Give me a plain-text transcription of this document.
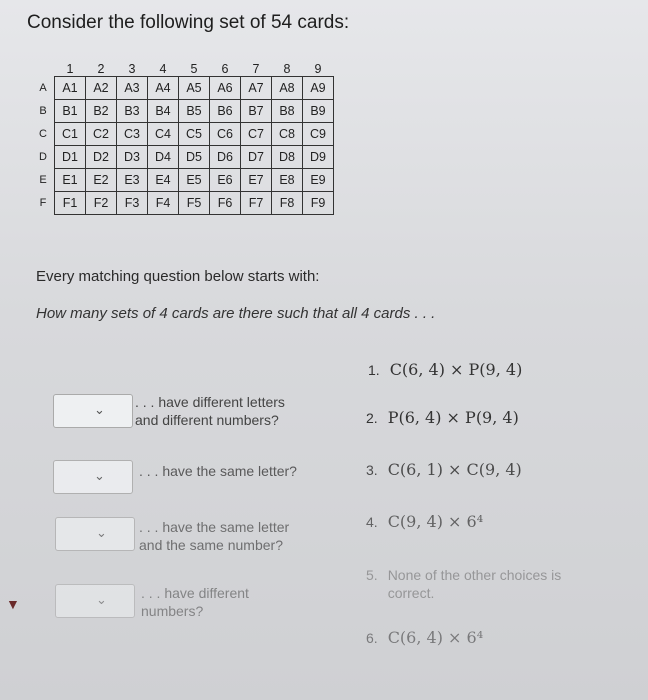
▼
Consider the following set of 54 cards:
	1	2	3	4	5	6	7	8	9
A	A1	A2	A3	A4	A5	A6	A7	A8	A9
B	B1	B2	B3	B4	B5	B6	B7	B8	B9
C	C1	C2	C3	C4	C5	C6	C7	C8	C9
D	D1	D2	D3	D4	D5	D6	D7	D8	D9
E	E1	E2	E3	E4	E5	E6	E7	E8	E9
F	F1	F2	F3	F4	F5	F6	F7	F8	F9
Every matching question below starts with:
How many sets of 4 cards are there such that all 4 cards . . .
⌄ . . . have different letters
and different numbers?
⌄ . . . have the same letter?
⌄ . . . have the same letter
and the same number?
⌄ . . . have different
numbers?
1. C(6, 4) × P(9, 4)
2. P(6, 4) × P(9, 4)
3. C(6, 1) × C(9, 4)
4. C(9, 4) × 6⁴
5. None of the other choices is
correct.
6. C(6, 4) × 6⁴
